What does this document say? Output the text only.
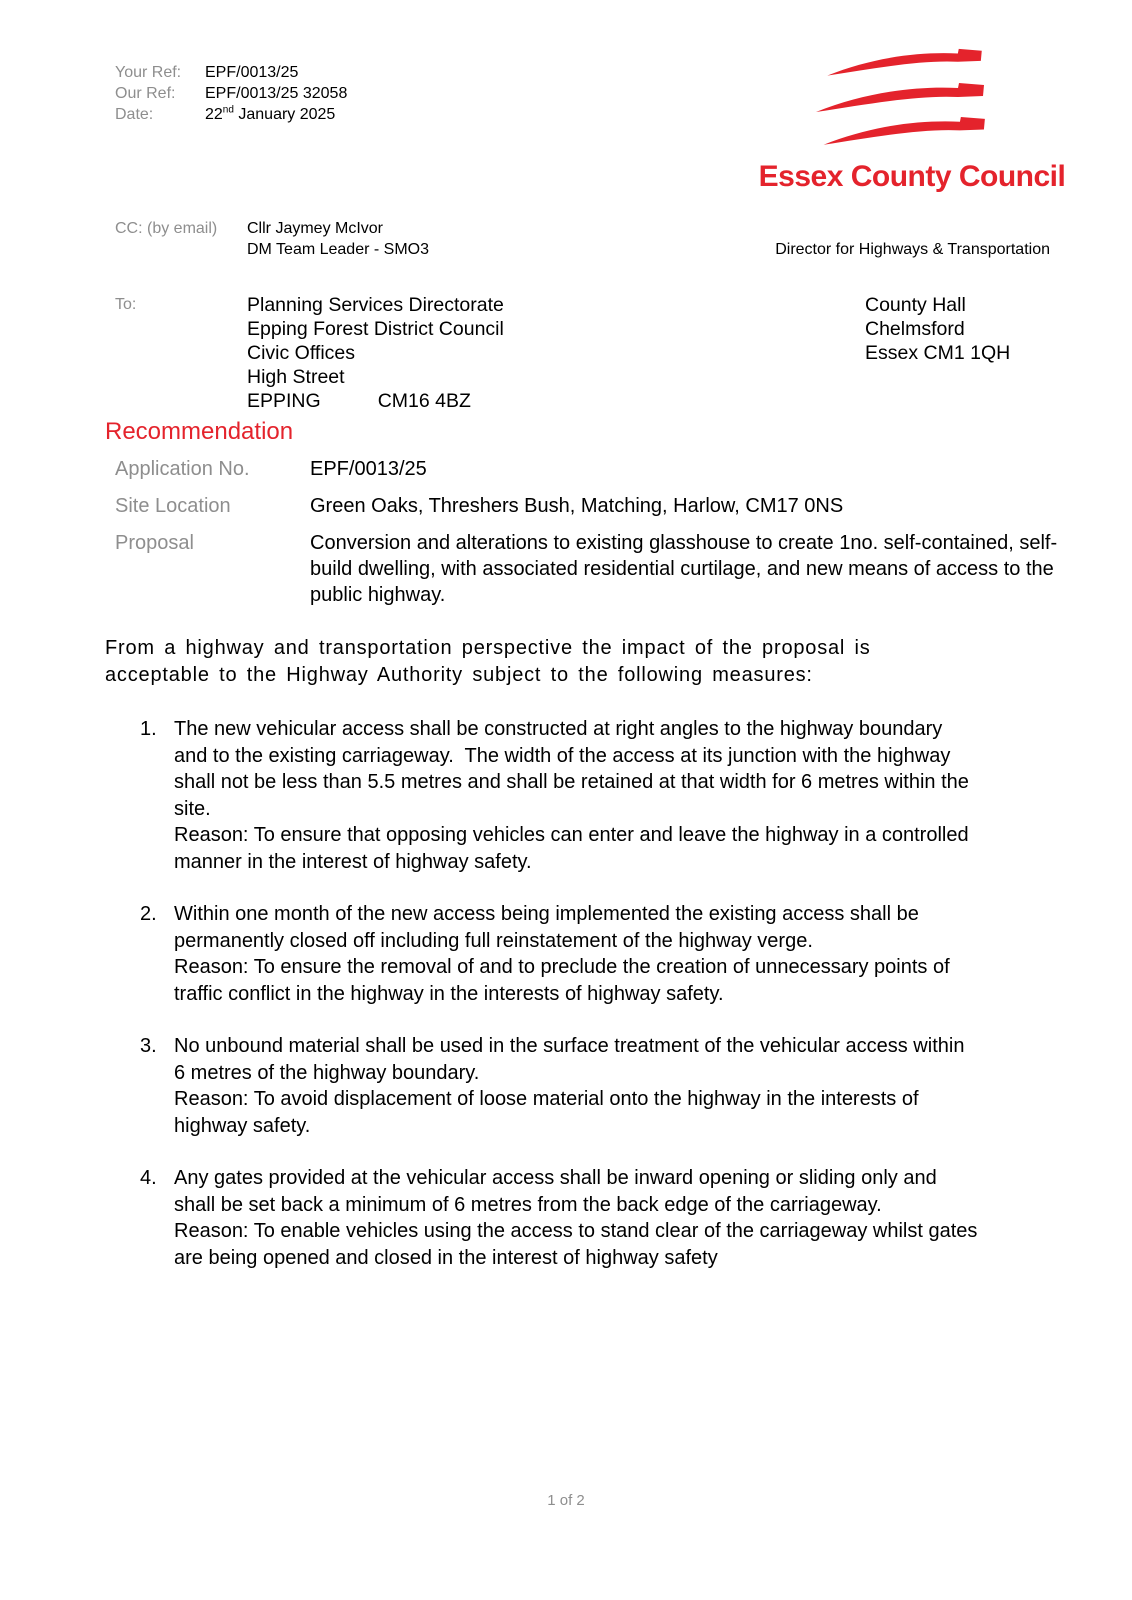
Your Ref:	EPF/0013/25
Our Ref:	EPF/0013/25 32058
Date:	22nd January 2025
Essex County Council
CC: (by email) Cllr Jaymey McIvor
DM Team Leader - SMO3	Director for Highways & Transportation
To:	Planning Services Directorate
Epping Forest District Council
Civic Offices
High Street
EPPING	CM16 4BZ
County Hall
Chelmsford
Essex CM1 1QH
Recommendation
Application No.	EPF/0013/25
Site Location	Green Oaks, Threshers Bush, Matching, Harlow, CM17 0NS
Proposal	Conversion and alterations to existing glasshouse to create 1no. self-contained, self-build dwelling, with associated residential curtilage, and new means of access to the public highway.

From a highway and transportation perspective the impact of the proposal is acceptable to the Highway Authority subject to the following measures:

1. The new vehicular access shall be constructed at right angles to the highway boundary and to the existing carriageway.  The width of the access at its junction with the highway shall not be less than 5.5 metres and shall be retained at that width for 6 metres within the site.
Reason: To ensure that opposing vehicles can enter and leave the highway in a controlled manner in the interest of highway safety.
2. Within one month of the new access being implemented the existing access shall be permanently closed off including full reinstatement of the highway verge.
Reason: To ensure the removal of and to preclude the creation of unnecessary points of traffic conflict in the highway in the interests of highway safety.
3. No unbound material shall be used in the surface treatment of the vehicular access within 6 metres of the highway boundary.
Reason: To avoid displacement of loose material onto the highway in the interests of highway safety.
4. Any gates provided at the vehicular access shall be inward opening or sliding only and shall be set back a minimum of 6 metres from the back edge of the carriageway.
Reason: To enable vehicles using the access to stand clear of the carriageway whilst gates are being opened and closed in the interest of highway safety
1 of 2
